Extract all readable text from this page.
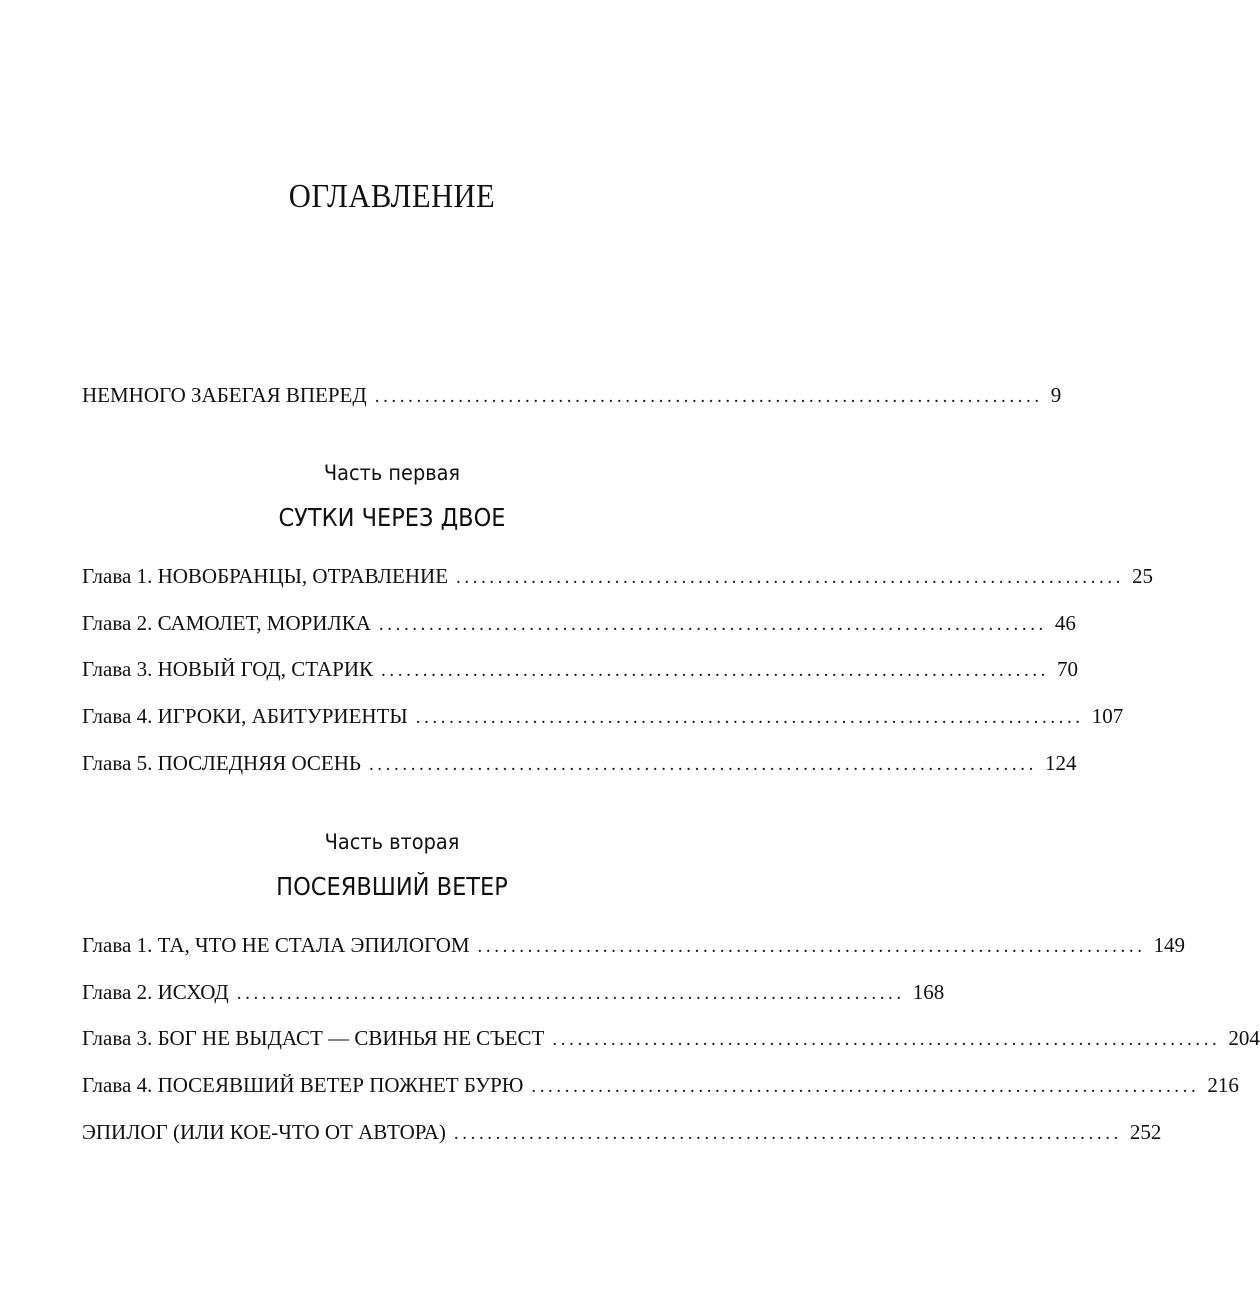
ОГЛАВЛЕНИЕ
НЕМНОГО ЗАБЕГАЯ ВПЕРЕД ................................................................................ 9
Часть первая
СУТКИ ЧЕРЕЗ ДВОЕ
Глава 1. НОВОБРАНЦЫ, ОТРАВЛЕНИЕ ................................................................................ 25
Глава 2. САМОЛЕТ, МОРИЛКА ................................................................................ 46
Глава 3. НОВЫЙ ГОД, СТАРИК ................................................................................ 70
Глава 4. ИГРОКИ, АБИТУРИЕНТЫ ................................................................................ 107
Глава 5. ПОСЛЕДНЯЯ ОСЕНЬ ................................................................................ 124
Часть вторая
ПОСЕЯВШИЙ ВЕТЕР
Глава 1. ТА, ЧТО НЕ СТАЛА ЭПИЛОГОМ ................................................................................ 149
Глава 2. ИСХОД ................................................................................ 168
Глава 3. БОГ НЕ ВЫДАСТ — СВИНЬЯ НЕ СЪЕСТ ................................................................................ 204
Глава 4. ПОСЕЯВШИЙ ВЕТЕР ПОЖНЕТ БУРЮ ................................................................................ 216
ЭПИЛОГ (ИЛИ КОЕ-ЧТО ОТ АВТОРА) ................................................................................ 252
